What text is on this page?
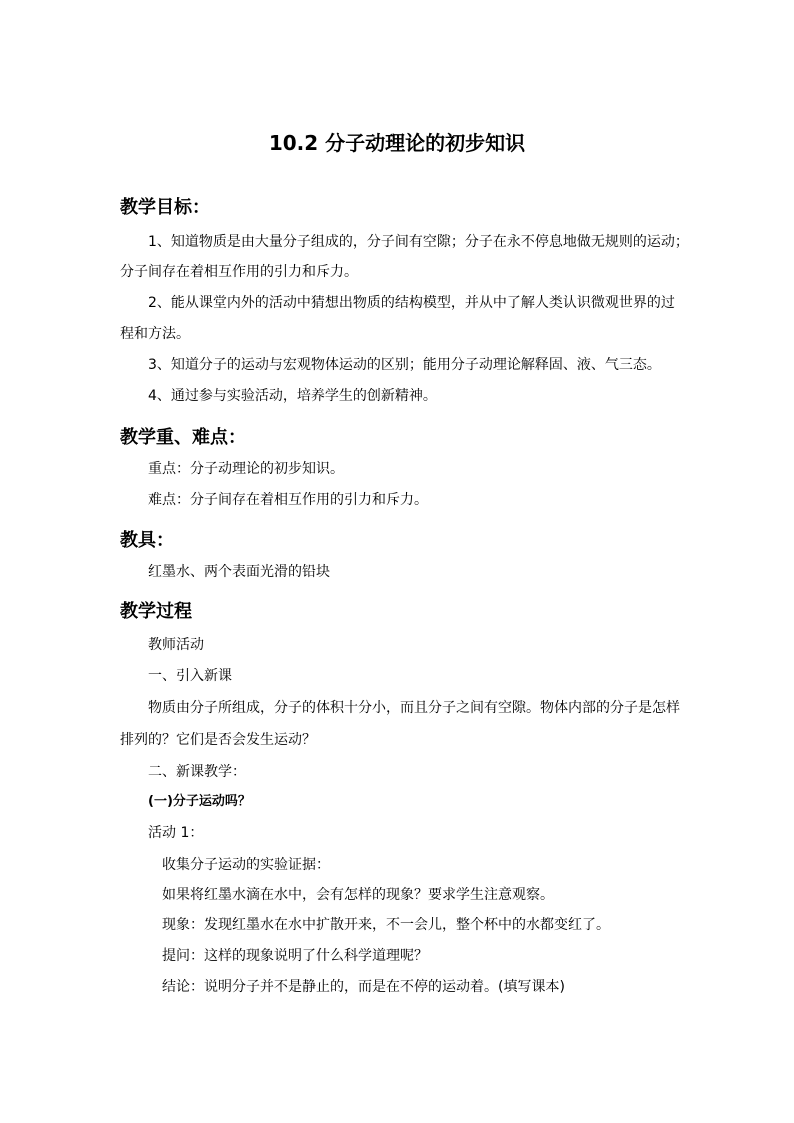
10.2 分子动理论的初步知识
教学目标：
1、知道物质是由大量分子组成的，分子间有空隙；分子在永不停息地做无规则的运动；
分子间存在着相互作用的引力和斥力。
2、能从课堂内外的活动中猜想出物质的结构模型，并从中了解人类认识微观世界的过
程和方法。
3、知道分子的运动与宏观物体运动的区别；能用分子动理论解释固、液、气三态。
4、通过参与实验活动，培养学生的创新精神。
教学重、难点：
重点：分子动理论的初步知识。
难点：分子间存在着相互作用的引力和斥力。
教具：
红墨水、两个表面光滑的铅块
教学过程
教师活动
一、引入新课
物质由分子所组成，分子的体积十分小，而且分子之间有空隙。物体内部的分子是怎样
排列的？它们是否会发生运动？
二、新课教学：
(一)分子运动吗？
活动 1：
收集分子运动的实验证据：
如果将红墨水滴在水中，会有怎样的现象？要求学生注意观察。
现象：发现红墨水在水中扩散开来，不一会儿，整个杯中的水都变红了。
提问：这样的现象说明了什么科学道理呢？
结论：说明分子并不是静止的，而是在不停的运动着。(填写课本)
